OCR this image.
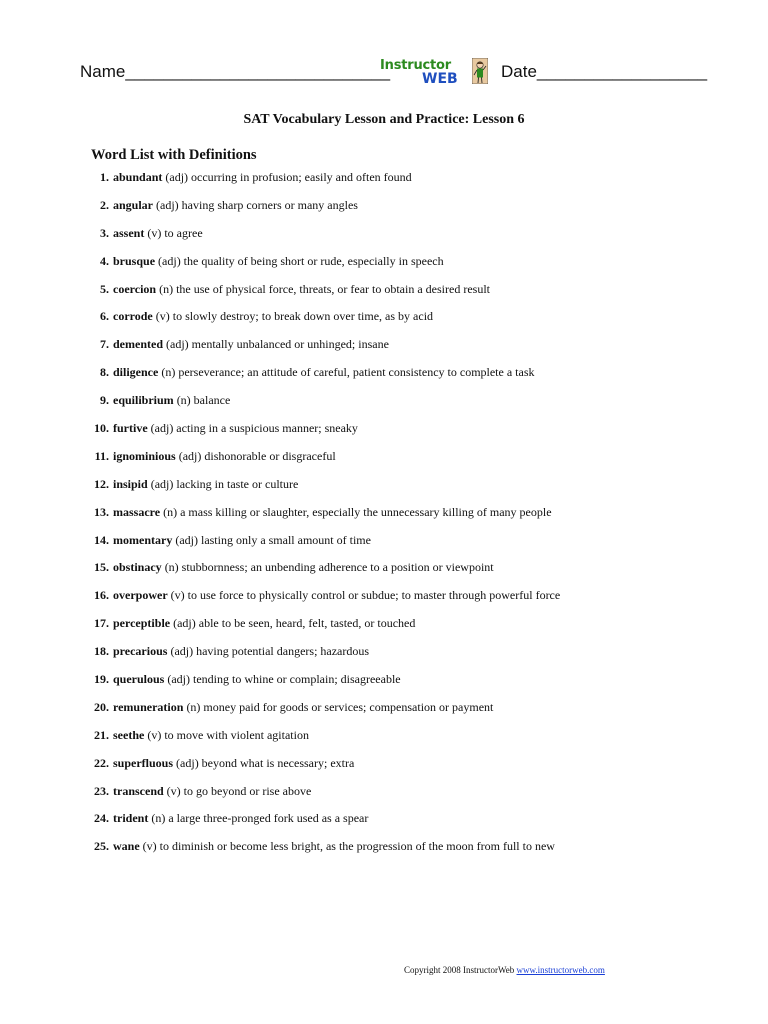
Name____________________________
Instructor
WEB	Date__________________
SAT Vocabulary Lesson and Practice: Lesson 6
Word List with Definitions
1. abundant (adj) occurring in profusion; easily and often found
2. angular (adj) having sharp corners or many angles
3. assent (v) to agree
4. brusque (adj) the quality of being short or rude, especially in speech
5. coercion (n) the use of physical force, threats, or fear to obtain a desired result
6. corrode (v) to slowly destroy; to break down over time, as by acid
7. demented (adj) mentally unbalanced or unhinged; insane
8. diligence (n) perseverance; an attitude of careful, patient consistency to complete a task
9. equilibrium (n) balance
10. furtive (adj) acting in a suspicious manner; sneaky
11. ignominious (adj) dishonorable or disgraceful
12. insipid (adj) lacking in taste or culture
13. massacre (n) a mass killing or slaughter, especially the unnecessary killing of many people
14. momentary (adj) lasting only a small amount of time
15. obstinacy (n) stubbornness; an unbending adherence to a position or viewpoint
16. overpower (v) to use force to physically control or subdue; to master through powerful force
17. perceptible (adj) able to be seen, heard, felt, tasted, or touched
18. precarious (adj) having potential dangers; hazardous
19. querulous (adj) tending to whine or complain; disagreeable
20. remuneration (n) money paid for goods or services; compensation or payment
21. seethe (v) to move with violent agitation
22. superfluous (adj) beyond what is necessary; extra
23. transcend (v) to go beyond or rise above
24. trident (n) a large three-pronged fork used as a spear
25. wane (v) to diminish or become less bright, as the progression of the moon from full to new
Copyright 2008 InstructorWeb www.instructorweb.com
